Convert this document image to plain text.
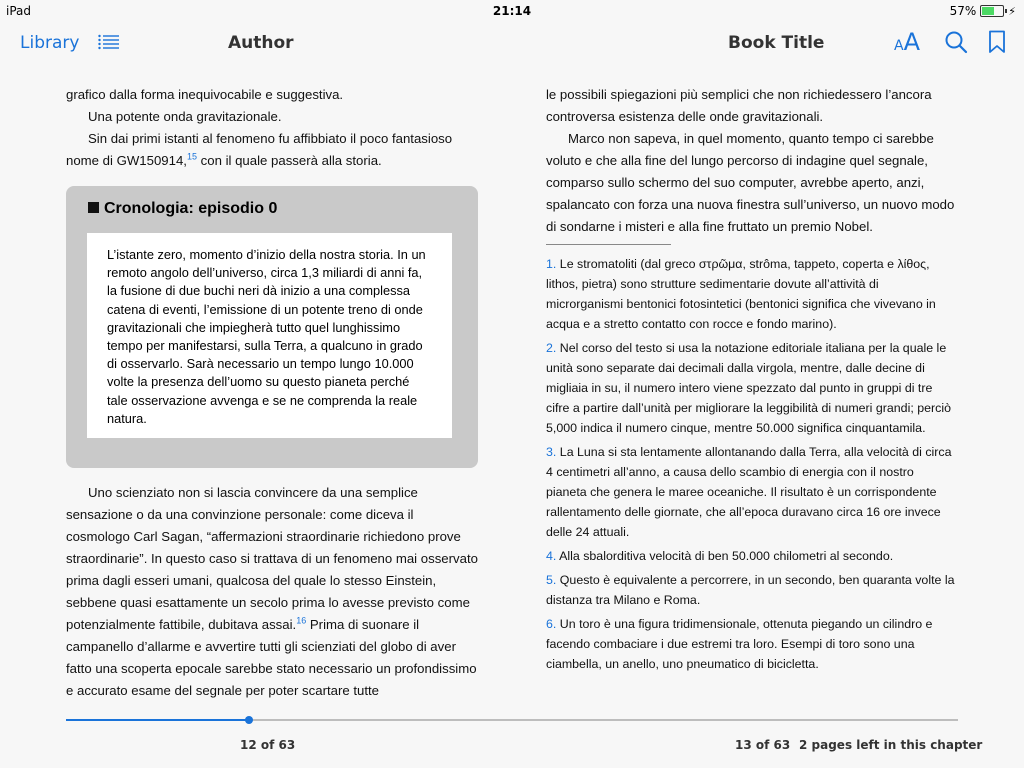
iPad	21:14	57%	⚡
Library	Author	Book Title	AA

grafico dalla forma inequivocabile e suggestiva.

Una potente onda gravitazionale.

Sin dai primi istanti al fenomeno fu affibbiato il poco fantasioso nome di GW150914,15 con il quale passerà alla storia.

Cronologia: episodio 0
L’istante zero, momento d’inizio della nostra storia. In un remoto angolo dell’universo, circa 1,3 miliardi di anni fa, la fusione di due buchi neri dà inizio a una complessa catena di eventi, l’emissione di un potente treno di onde gravitazionali che impiegherà tutto quel lunghissimo tempo per manifestarsi, sulla Terra, a qualcuno in grado di osservarlo. Sarà necessario un tempo lungo 10.000 volte la presenza dell’uomo su questo pianeta perché tale osservazione avvenga e se ne comprenda la reale natura.

Uno scienziato non si lascia convincere da una semplice sensazione o da una convinzione personale: come diceva il cosmologo Carl Sagan, “affermazioni straordinarie richiedono prove straordinarie”. In questo caso si trattava di un fenomeno mai osservato prima dagli esseri umani, qualcosa del quale lo stesso Einstein, sebbene quasi esattamente un secolo prima lo avesse previsto come potenzialmente fattibile, dubitava assai.$^{16}$ Prima di suonare il campanello d’allarme e avvertire tutti gli scienziati del globo di aver fatto una scoperta epocale sarebbe stato necessario un profondissimo e accurato esame del segnale per poter scartare tutte

le possibili spiegazioni più semplici che non richiedessero l’ancora controversa esistenza delle onde gravitazionali.

Marco non sapeva, in quel momento, quanto tempo ci sarebbe voluto e che alla fine del lungo percorso di indagine quel segnale, comparso sullo schermo del suo computer, avrebbe aperto, anzi, spalancato con forza una nuova finestra sull’universo, un nuovo modo di sondarne i misteri e alla fine fruttato un premio Nobel.

1. Le stromatoliti (dal greco στρῶμα, strôma, tappeto, coperta e λίθος, lithos, pietra) sono strutture sedimentarie dovute all’attività di microrganismi bentonici fotosintetici (bentonici significa che vivevano in acqua e a stretto contatto con rocce e fondo marino).

2. Nel corso del testo si usa la notazione editoriale italiana per la quale le unità sono separate dai decimali dalla virgola, mentre, dalle decine di migliaia in su, il numero intero viene spezzato dal punto in gruppi di tre cifre a partire dall’unità per migliorare la leggibilità di numeri grandi; perciò 5,000 indica il numero cinque, mentre 50.000 significa cinquantamila.

3. La Luna si sta lentamente allontanando dalla Terra, alla velocità di circa 4 centimetri all’anno, a causa dello scambio di energia con il nostro pianeta che genera le maree oceaniche. Il risultato è un corrispondente rallentamento delle giornate, che all’epoca duravano circa 16 ore invece delle 24 attuali.

4. Alla sbalorditiva velocità di ben 50.000 chilometri al secondo.

5. Questo è equivalente a percorrere, in un secondo, ben quaranta volte la distanza tra Milano e Roma.

6. Un toro è una figura tridimensionale, ottenuta piegando un cilindro e facendo combaciare i due estremi tra loro. Esempi di toro sono una ciambella, un anello, uno pneumatico di bicicletta.

12 of 63	13 of 63 2 pages left in this chapter
